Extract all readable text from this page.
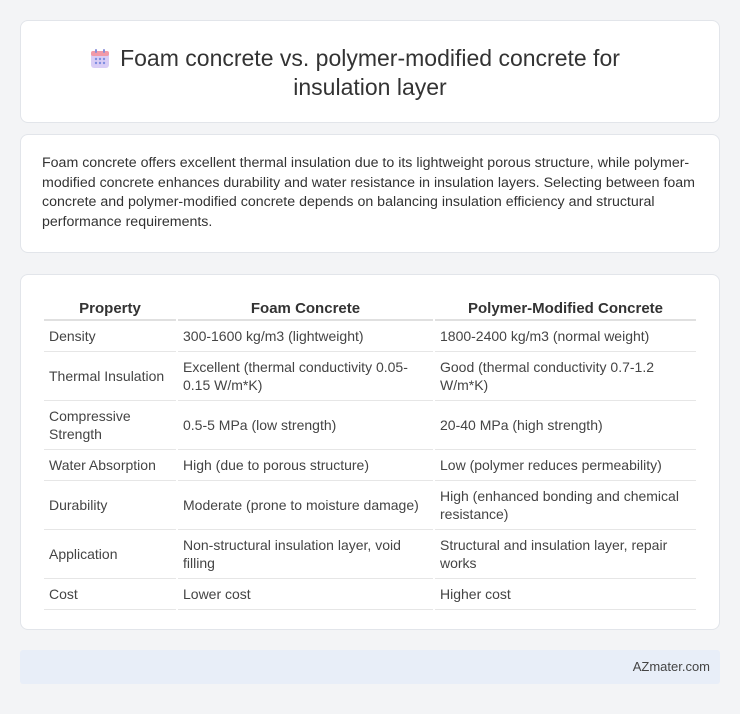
Foam concrete vs. polymer-modified concrete for insulation layer

Foam concrete offers excellent thermal insulation due to its lightweight porous structure, while polymer-modified concrete enhances durability and water resistance in insulation layers. Selecting between foam concrete and polymer-modified concrete depends on balancing insulation efficiency and structural performance requirements.

Property	Foam Concrete	Polymer-Modified Concrete
Density	300-1600 kg/m3 (lightweight)	1800-2400 kg/m3 (normal weight)
Thermal Insulation	Excellent (thermal conductivity 0.05-0.15 W/m*K)	Good (thermal conductivity 0.7-1.2 W/m*K)
Compressive Strength	0.5-5 MPa (low strength)	20-40 MPa (high strength)
Water Absorption	High (due to porous structure)	Low (polymer reduces permeability)
Durability	Moderate (prone to moisture damage)	High (enhanced bonding and chemical resistance)
Application	Non-structural insulation layer, void filling	Structural and insulation layer, repair works
Cost	Lower cost	Higher cost
AZmater.com
